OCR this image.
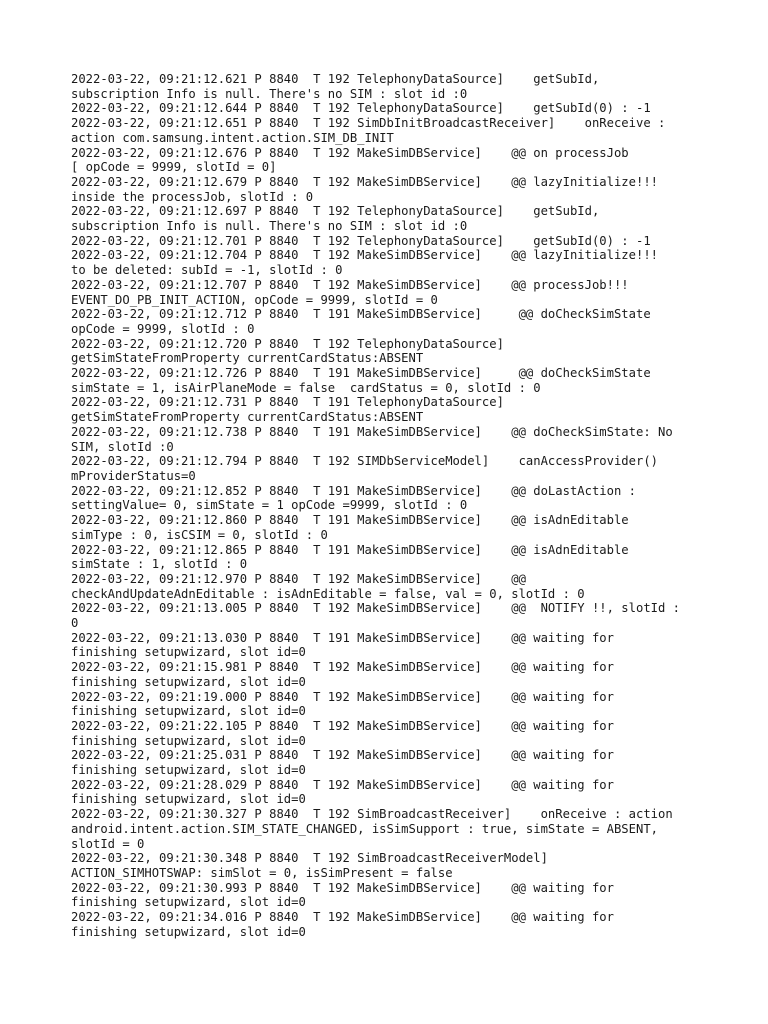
2022-03-22, 09:21:12.621 P 8840  T 192 TelephonyDataSource]    getSubId,
subscription Info is null. There's no SIM : slot id :0
2022-03-22, 09:21:12.644 P 8840  T 192 TelephonyDataSource]    getSubId(0) : -1
2022-03-22, 09:21:12.651 P 8840  T 192 SimDbInitBroadcastReceiver]    onReceive :
action com.samsung.intent.action.SIM_DB_INIT
2022-03-22, 09:21:12.676 P 8840  T 192 MakeSimDBService]    @@ on processJob
[ opCode = 9999, slotId = 0]
2022-03-22, 09:21:12.679 P 8840  T 192 MakeSimDBService]    @@ lazyInitialize!!!
inside the processJob, slotId : 0
2022-03-22, 09:21:12.697 P 8840  T 192 TelephonyDataSource]    getSubId,
subscription Info is null. There's no SIM : slot id :0
2022-03-22, 09:21:12.701 P 8840  T 192 TelephonyDataSource]    getSubId(0) : -1
2022-03-22, 09:21:12.704 P 8840  T 192 MakeSimDBService]    @@ lazyInitialize!!!
to be deleted: subId = -1, slotId : 0
2022-03-22, 09:21:12.707 P 8840  T 192 MakeSimDBService]    @@ processJob!!!
EVENT_DO_PB_INIT_ACTION, opCode = 9999, slotId = 0
2022-03-22, 09:21:12.712 P 8840  T 191 MakeSimDBService]     @@ doCheckSimState
opCode = 9999, slotId : 0
2022-03-22, 09:21:12.720 P 8840  T 192 TelephonyDataSource]
getSimStateFromProperty currentCardStatus:ABSENT
2022-03-22, 09:21:12.726 P 8840  T 191 MakeSimDBService]     @@ doCheckSimState
simState = 1, isAirPlaneMode = false  cardStatus = 0, slotId : 0
2022-03-22, 09:21:12.731 P 8840  T 191 TelephonyDataSource]
getSimStateFromProperty currentCardStatus:ABSENT
2022-03-22, 09:21:12.738 P 8840  T 191 MakeSimDBService]    @@ doCheckSimState: No
SIM, slotId :0
2022-03-22, 09:21:12.794 P 8840  T 192 SIMDbServiceModel]    canAccessProvider()
mProviderStatus=0
2022-03-22, 09:21:12.852 P 8840  T 191 MakeSimDBService]    @@ doLastAction :
settingValue= 0, simState = 1 opCode =9999, slotId : 0
2022-03-22, 09:21:12.860 P 8840  T 191 MakeSimDBService]    @@ isAdnEditable
simType : 0, isCSIM = 0, slotId : 0
2022-03-22, 09:21:12.865 P 8840  T 191 MakeSimDBService]    @@ isAdnEditable
simState : 1, slotId : 0
2022-03-22, 09:21:12.970 P 8840  T 192 MakeSimDBService]    @@
checkAndUpdateAdnEditable : isAdnEditable = false, val = 0, slotId : 0
2022-03-22, 09:21:13.005 P 8840  T 192 MakeSimDBService]    @@  NOTIFY !!, slotId :
0
2022-03-22, 09:21:13.030 P 8840  T 191 MakeSimDBService]    @@ waiting for
finishing setupwizard, slot id=0
2022-03-22, 09:21:15.981 P 8840  T 192 MakeSimDBService]    @@ waiting for
finishing setupwizard, slot id=0
2022-03-22, 09:21:19.000 P 8840  T 192 MakeSimDBService]    @@ waiting for
finishing setupwizard, slot id=0
2022-03-22, 09:21:22.105 P 8840  T 192 MakeSimDBService]    @@ waiting for
finishing setupwizard, slot id=0
2022-03-22, 09:21:25.031 P 8840  T 192 MakeSimDBService]    @@ waiting for
finishing setupwizard, slot id=0
2022-03-22, 09:21:28.029 P 8840  T 192 MakeSimDBService]    @@ waiting for
finishing setupwizard, slot id=0
2022-03-22, 09:21:30.327 P 8840  T 192 SimBroadcastReceiver]    onReceive : action
android.intent.action.SIM_STATE_CHANGED, isSimSupport : true, simState = ABSENT,
slotId = 0
2022-03-22, 09:21:30.348 P 8840  T 192 SimBroadcastReceiverModel]
ACTION_SIMHOTSWAP: simSlot = 0, isSimPresent = false
2022-03-22, 09:21:30.993 P 8840  T 192 MakeSimDBService]    @@ waiting for
finishing setupwizard, slot id=0
2022-03-22, 09:21:34.016 P 8840  T 192 MakeSimDBService]    @@ waiting for
finishing setupwizard, slot id=0
